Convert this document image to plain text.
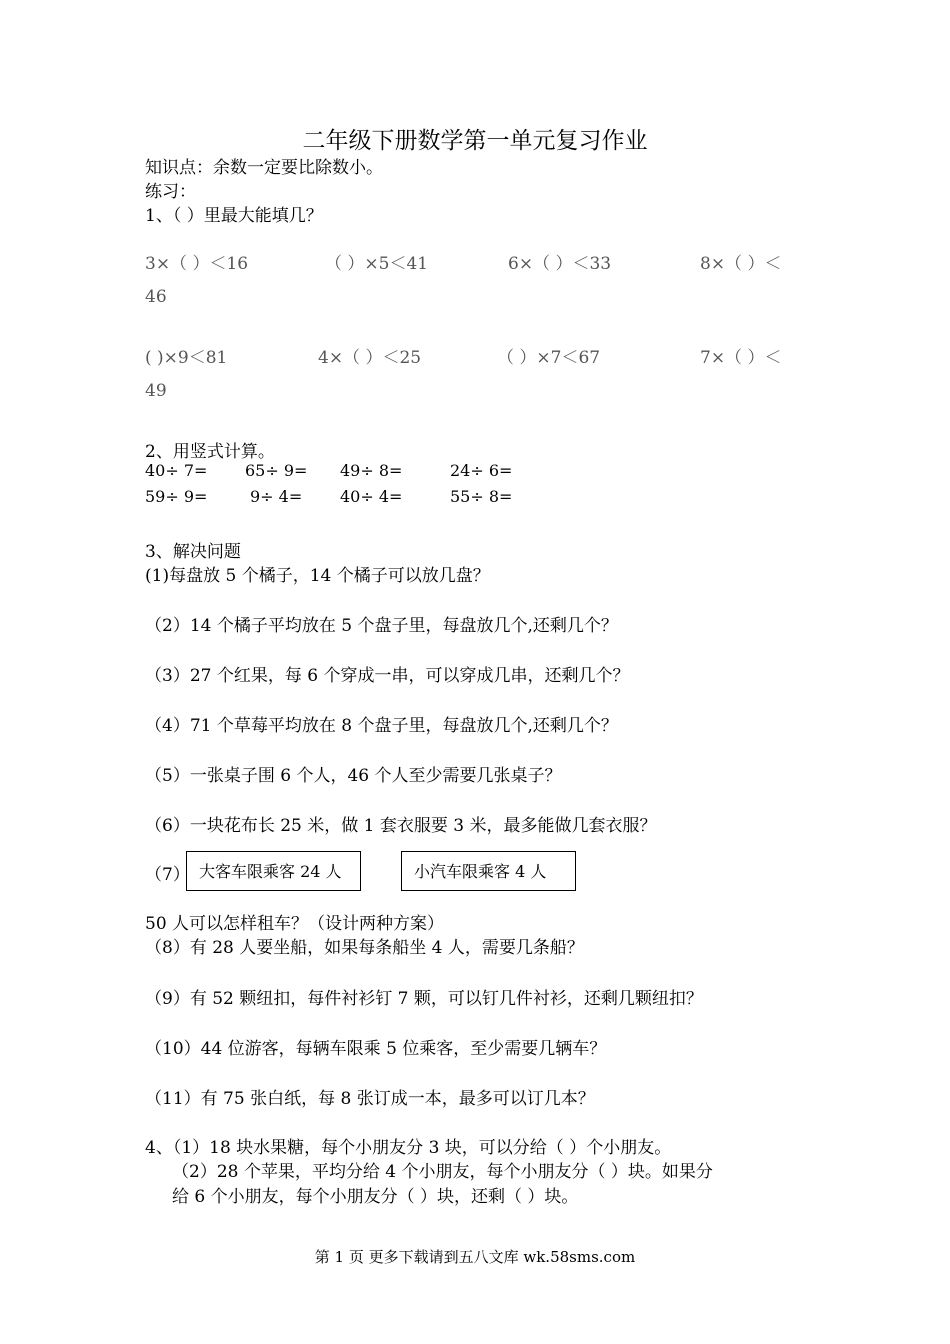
二年级下册数学第一单元复习作业
知识点：余数一定要比除数小。
练习：
1、（ ）里最大能填几？
3×（ ）＜16	（ ）×5＜41	6×（ ）＜33	8×（ ）＜
46
( )×9＜81	4×（ ）＜25	（ ）×7＜67	7×（ ）＜
49
2、用竖式计算。
40÷ 7= 65÷ 9= 49÷ 8=	24÷ 6=
59÷ 9=	9÷ 4= 40÷ 4=	55÷ 8=
3、解决问题
(1)每盘放 5 个橘子，14 个橘子可以放几盘？
（2）14 个橘子平均放在 5 个盘子里，每盘放几个,还剩几个？
（3）27 个红果，每 6 个穿成一串，可以穿成几串，还剩几个？
（4）71 个草莓平均放在 8 个盘子里，每盘放几个,还剩几个？
（5）一张桌子围 6 个人，46 个人至少需要几张桌子？
（6）一块花布长 25 米，做 1 套衣服要 3 米，最多能做几套衣服？
（7） 大客车限乘客 24 人	小汽车限乘客 4 人
50 人可以怎样租车？（设计两种方案）
（8）有 28 人要坐船，如果每条船坐 4 人，需要几条船？
（9）有 52 颗纽扣，每件衬衫钉 7 颗，可以钉几件衬衫，还剩几颗纽扣？
（10）44 位游客，每辆车限乘 5 位乘客，至少需要几辆车？
（11）有 75 张白纸，每 8 张订成一本，最多可以订几本？
4、（1）18 块水果糖，每个小朋友分 3 块，可以分给（ ）个小朋友。
（2）28 个苹果，平均分给 4 个小朋友，每个小朋友分（ ）块。如果分
给 6 个小朋友，每个小朋友分（ ）块，还剩（ ）块。
第 1 页 更多下载请到五八文库 wk.58sms.com
